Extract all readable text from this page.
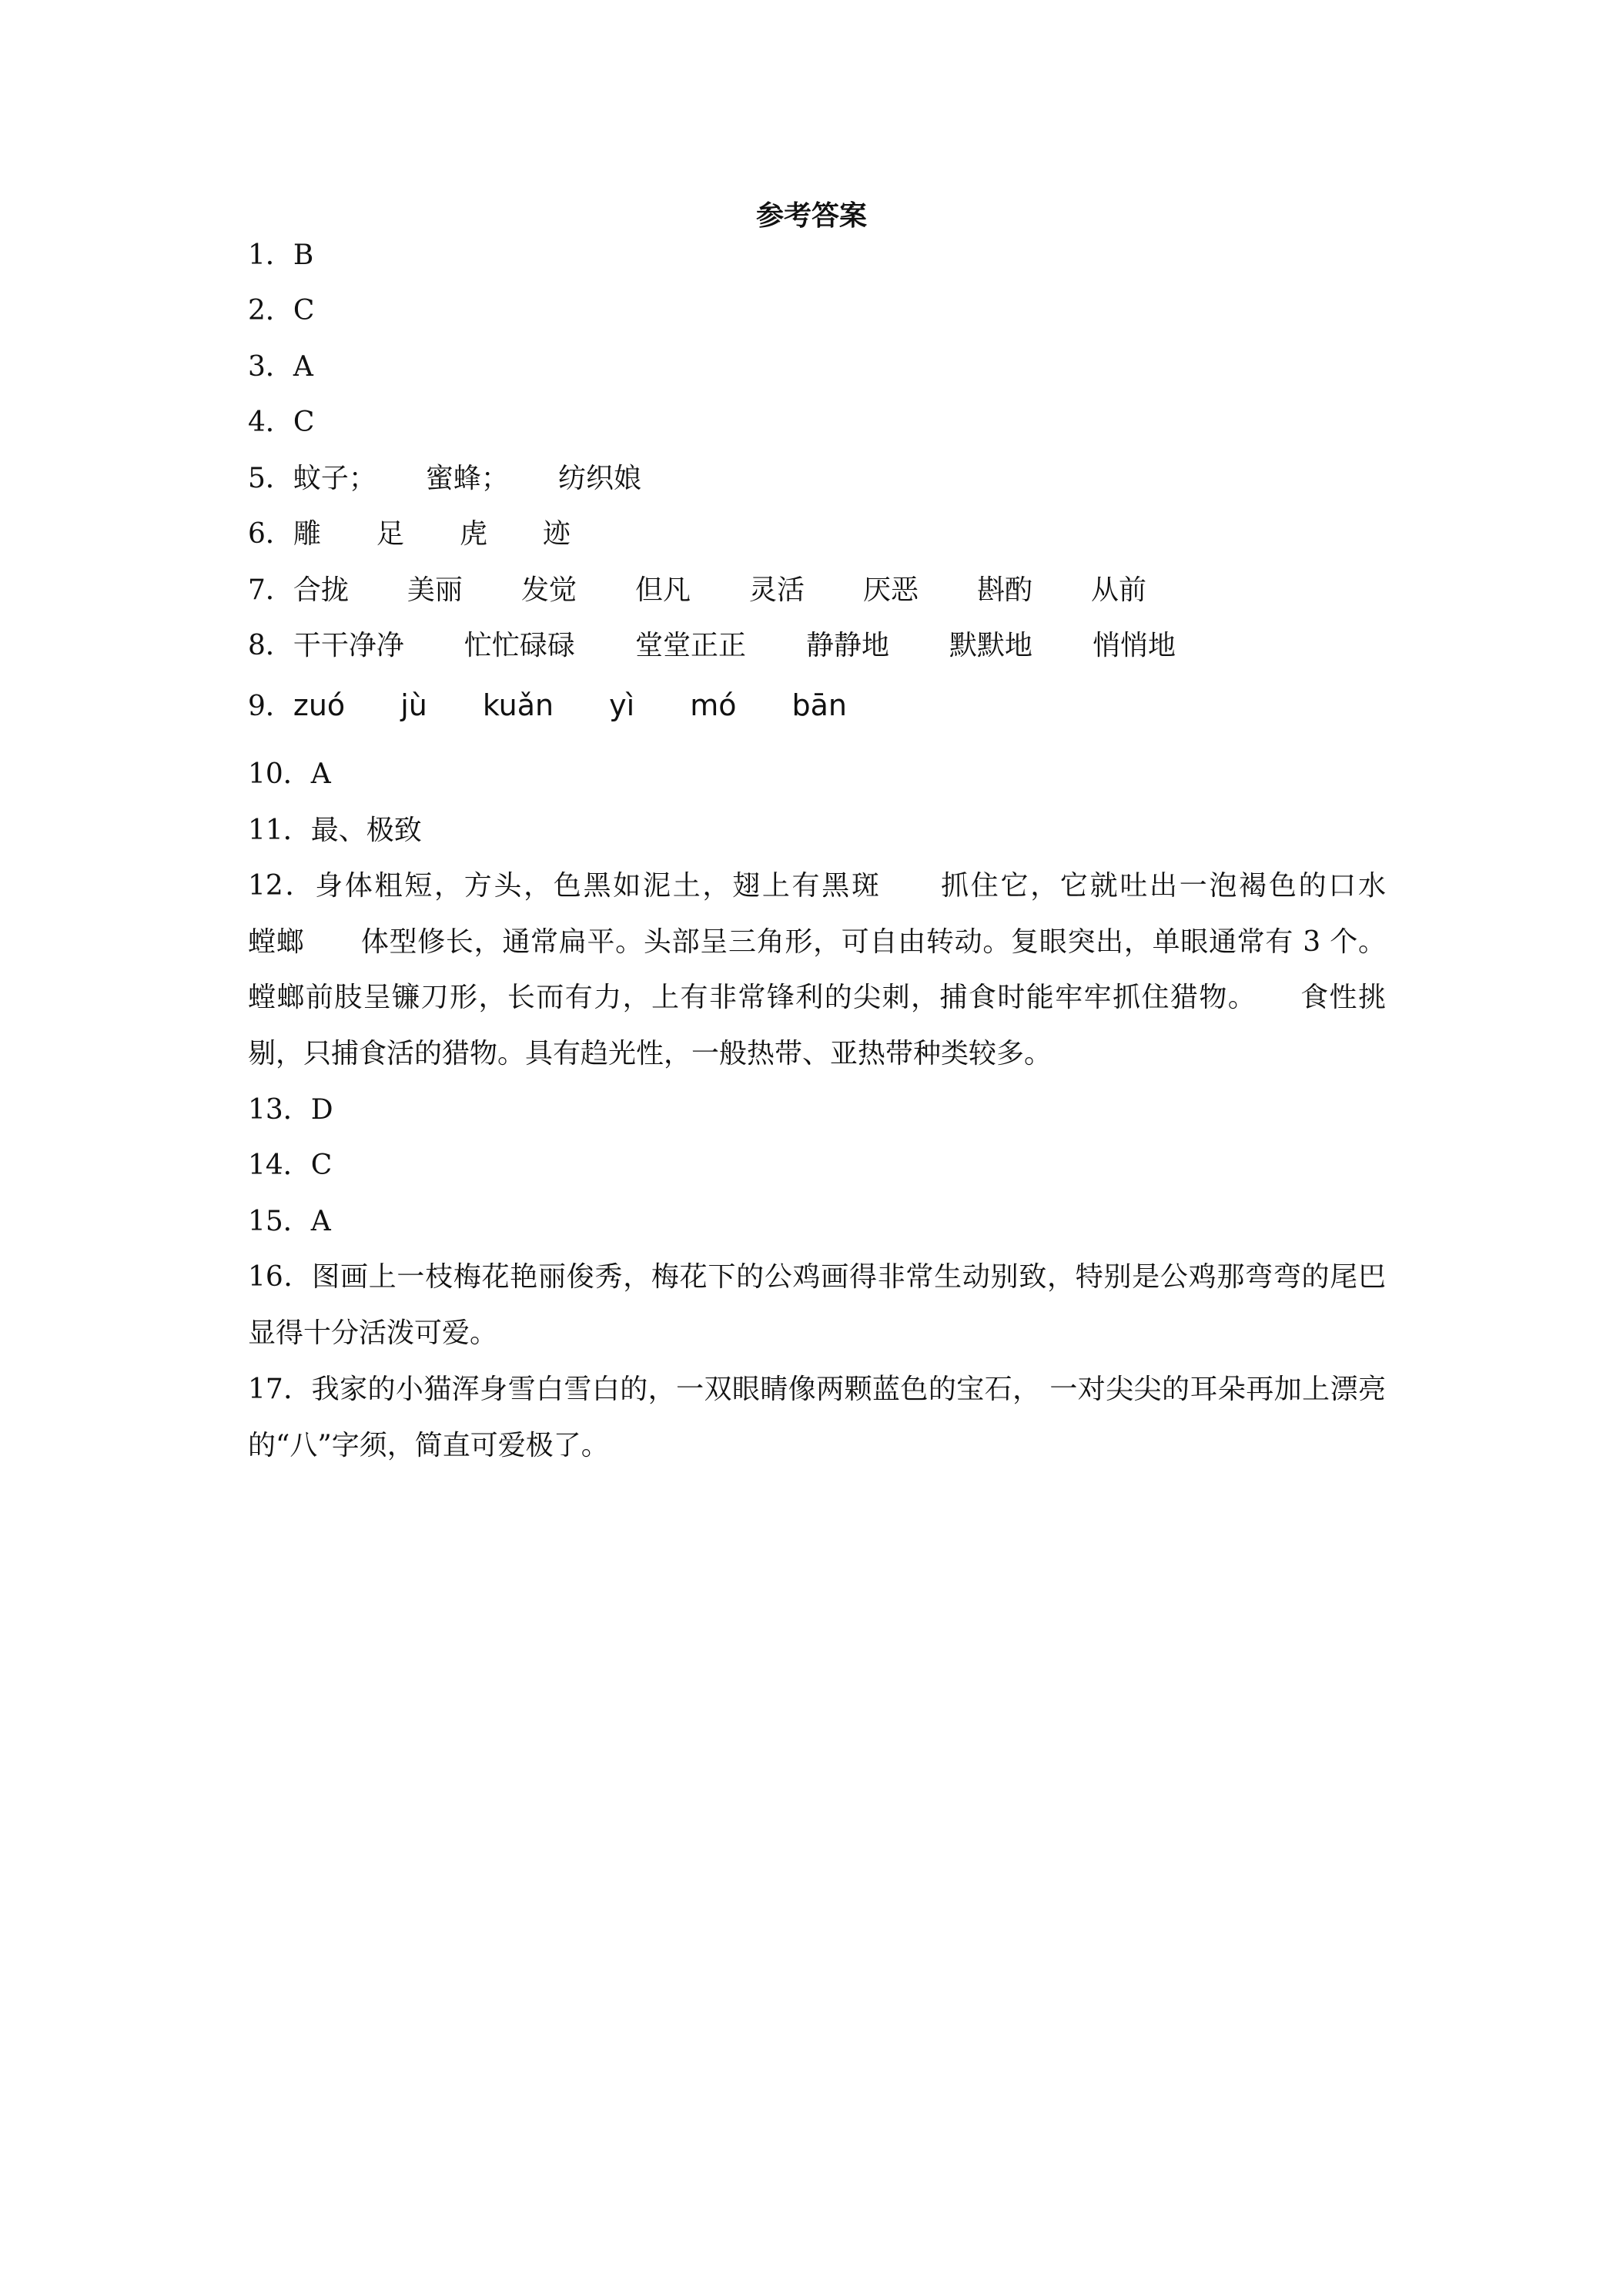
参考答案
1．B
2．C
3．A
4．C
5．蚊子； 蜜蜂； 纺织娘
6．雕 足 虎 迹
7．合拢 美丽 发觉 但凡 灵活 厌恶 斟酌 从前
8．干干净净 忙忙碌碌 堂堂正正 静静地 默默地 悄悄地
9．zuó jù kuǎn yì mó bān
10．A
11．最、极致
12．身体粗短，方头，色黑如泥土，翅上有黑斑　　抓住它，它就吐出一泡褐色的口水　　螳螂　　体型修长，通常扁平。头部呈三角形，可自由转动。复眼突出，单眼通常有 3 个。螳螂前肢呈镰刀形，长而有力，上有非常锋利的尖刺，捕食时能牢牢抓住猎物。　　食性挑剔，只捕食活的猎物。具有趋光性，一般热带、亚热带种类较多。
13．D
14．C
15．A
16．图画上一枝梅花艳丽俊秀，梅花下的公鸡画得非常生动别致，特别是公鸡那弯弯的尾巴显得十分活泼可爱。
17．我家的小猫浑身雪白雪白的，一双眼睛像两颗蓝色的宝石， 一对尖尖的耳朵再加上漂亮的“八”字须，简直可爱极了。
